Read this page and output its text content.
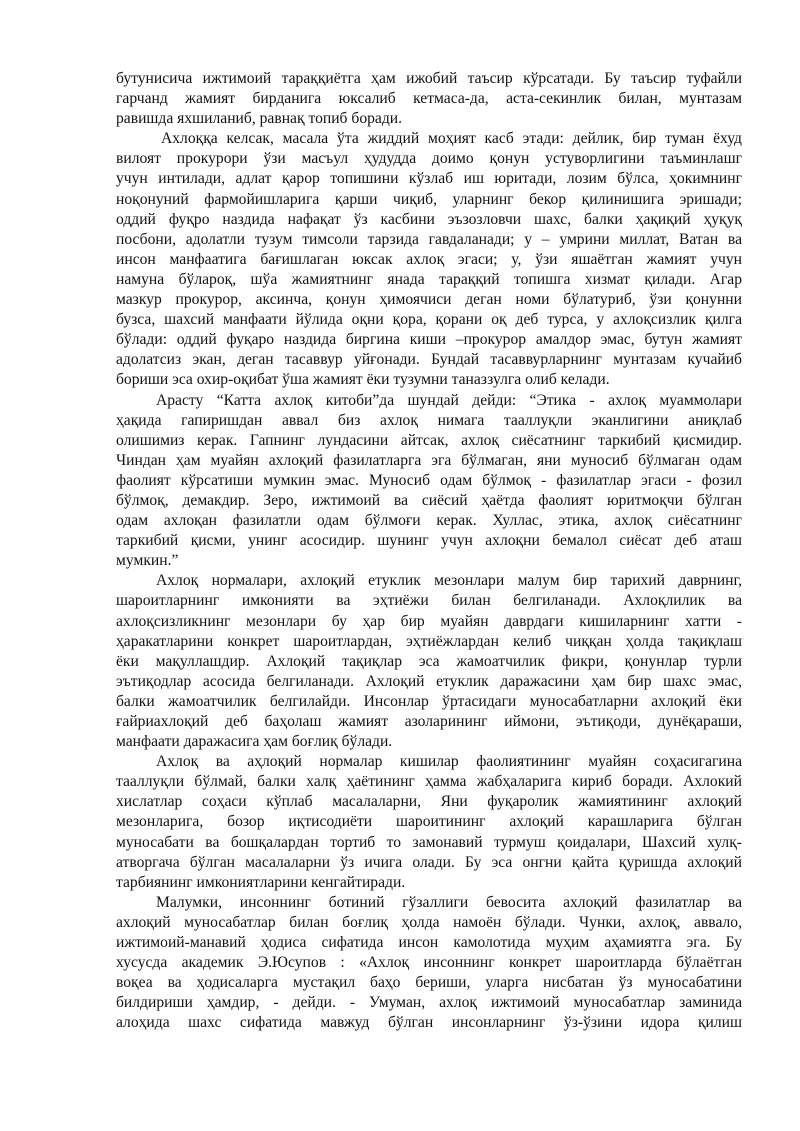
бутунисича ижтимоий тараққиётга ҳам ижобий таъсир кўрсатади. Бу таъсир туфайли
гарчанд жамият бирданига юксалиб кетмаса-да, аста-секинлик билан, мунтазам
равишда яхшиланиб, равнақ топиб боради.
Ахлоққа келсак, масала ўта жиддий моҳият касб этади: дейлик, бир туман ёхуд
вилоят прокурори ўзи масъул ҳудудда доимо қонун устуворлигини таъминлашг
учун интилади, адлат қарор топишини кўзлаб иш юритади, лозим бўлса, ҳокимнинг
ноқонуний фармойишларига қарши чиқиб, уларнинг бекор қилинишига эришади;
оддий фуқро наздида нафақат ўз касбини эъзозловчи шахс, балки ҳақиқий ҳуқуқ
посбони, адолатли тузум тимсоли тарзида гавдаланади; у – умрини миллат, Ватан ва
инсон манфаатига бағишлаган юксак ахлоқ эгаси; у, ўзи яшаётган жамият учун
намуна бўлароқ, шўа жамиятнинг янада тараққий топишга хизмат қилади. Агар
мазкур прокурор, аксинча, қонун ҳимоячиси деган номи бўлатуриб, ўзи қонунни
бузса, шахсий манфаати йўлида оқни қора, қорани оқ деб турса, у ахлоқсизлик қилга
бўлади: оддий фуқаро наздида биргина киши –прокурор амалдор эмас, бутун жамият
адолатсиз экан, деган тасаввур уйғонади. Бундай тасаввурларнинг мунтазам кучайиб
бориши эса охир-оқибат ўша жамият ёки тузумни таназзулга олиб келади.
Арасту “Катта ахлоқ китоби”да шундай дейди: “Этика - ахлоқ муаммолари
ҳақида гапиришдан аввал биз ахлоқ нимага тааллуқли эканлигини аниқлаб
олишимиз керак. Гапнинг лундасини айтсак, ахлоқ сиёсатнинг таркибий қисмидир.
Чиндан ҳам муайян ахлоқий фазилатларга эга бўлмаган, яни муносиб бўлмаган одам
фаолият кўрсатиши мумкин эмас. Муносиб одам бўлмоқ - фазилатлар эгаси - фозил
бўлмоқ, демакдир. Зеро, ижтимоий ва сиёсий ҳаётда фаолият юритмоқчи бўлган
одам ахлоқан фазилатли одам бўлмоғи керак. Хуллас, этика, ахлоқ сиёсатнинг
таркибий қисми, унинг асосидир. шунинг учун ахлоқни бемалол сиёсат деб аташ
мумкин.”
Ахлоқ нормалари, ахлоқий етуклик мезонлари малум бир тарихий даврнинг,
шароитларнинг имконияти ва эҳтиёжи билан белгиланади. Ахлоқлилик ва
ахлоқсизликнинг мезонлари бу ҳар бир муайян даврдаги кишиларнинг хатти -
ҳаракатларини конкрет шароитлардан, эҳтиёжлардан келиб чиққан ҳолда тақиқлаш
ёки мақуллашдир. Ахлоқий тақиқлар эса жамоатчилик фикри, қонунлар турли
эътиқодлар асосида белгиланади. Ахлоқий етуклик даражасини ҳам бир шахс эмас,
балки жамоатчилик белгилайди. Инсонлар ўртасидаги муносабатларни ахлоқий ёки
ғайриахлоқий деб баҳолаш жамият азоларининг иймони, эътиқоди, дунёқараши,
манфаати даражасига ҳам боғлиқ бўлади.
Ахлоқ ва аҳлоқий нормалар кишилар фаолиятининг муайян соҳасигагина
тааллуқли бўлмай, балки халқ ҳаётининг ҳамма жабҳаларига кириб боради. Ахлокий
хислатлар соҳаси кўплаб масалаларни, Яни фуқаролик жамиятининг ахлоқий
мезонларига, бозор иқтисодиёти шароитининг ахлоқий карашларига бўлган
муносабати ва бошқалардан тортиб то замонавий турмуш қоидалари, Шахсий хулқ-
атворгача бўлган масалаларни ўз ичига олади. Бу эса онгни қайта қуришда ахлоқий
тарбиянинг имкониятларини кенгайтиради.
Малумки, инсоннинг ботиний гўзаллиги бевосита ахлоқий фазилатлар ва
ахлоқий муносабатлар билан боғлиқ ҳолда намоён бўлади. Чунки, ахлоқ, аввало,
ижтимоий-манавий ҳодиса сифатида инсон камолотида муҳим аҳамиятга эга. Бу
хусусда академик Э.Юсупов : «Ахлоқ инсоннинг конкрет шароитларда бўлаётган
воқеа ва ҳодисаларга мустақил баҳо бериши, уларга нисбатан ўз муносабатини
билдириши ҳамдир, - дейди. - Умуман, ахлоқ ижтимоий муносабатлар заминида
алоҳида шахс сифатида мавжуд бўлган инсонларнинг ўз-ўзини идора қилиш
